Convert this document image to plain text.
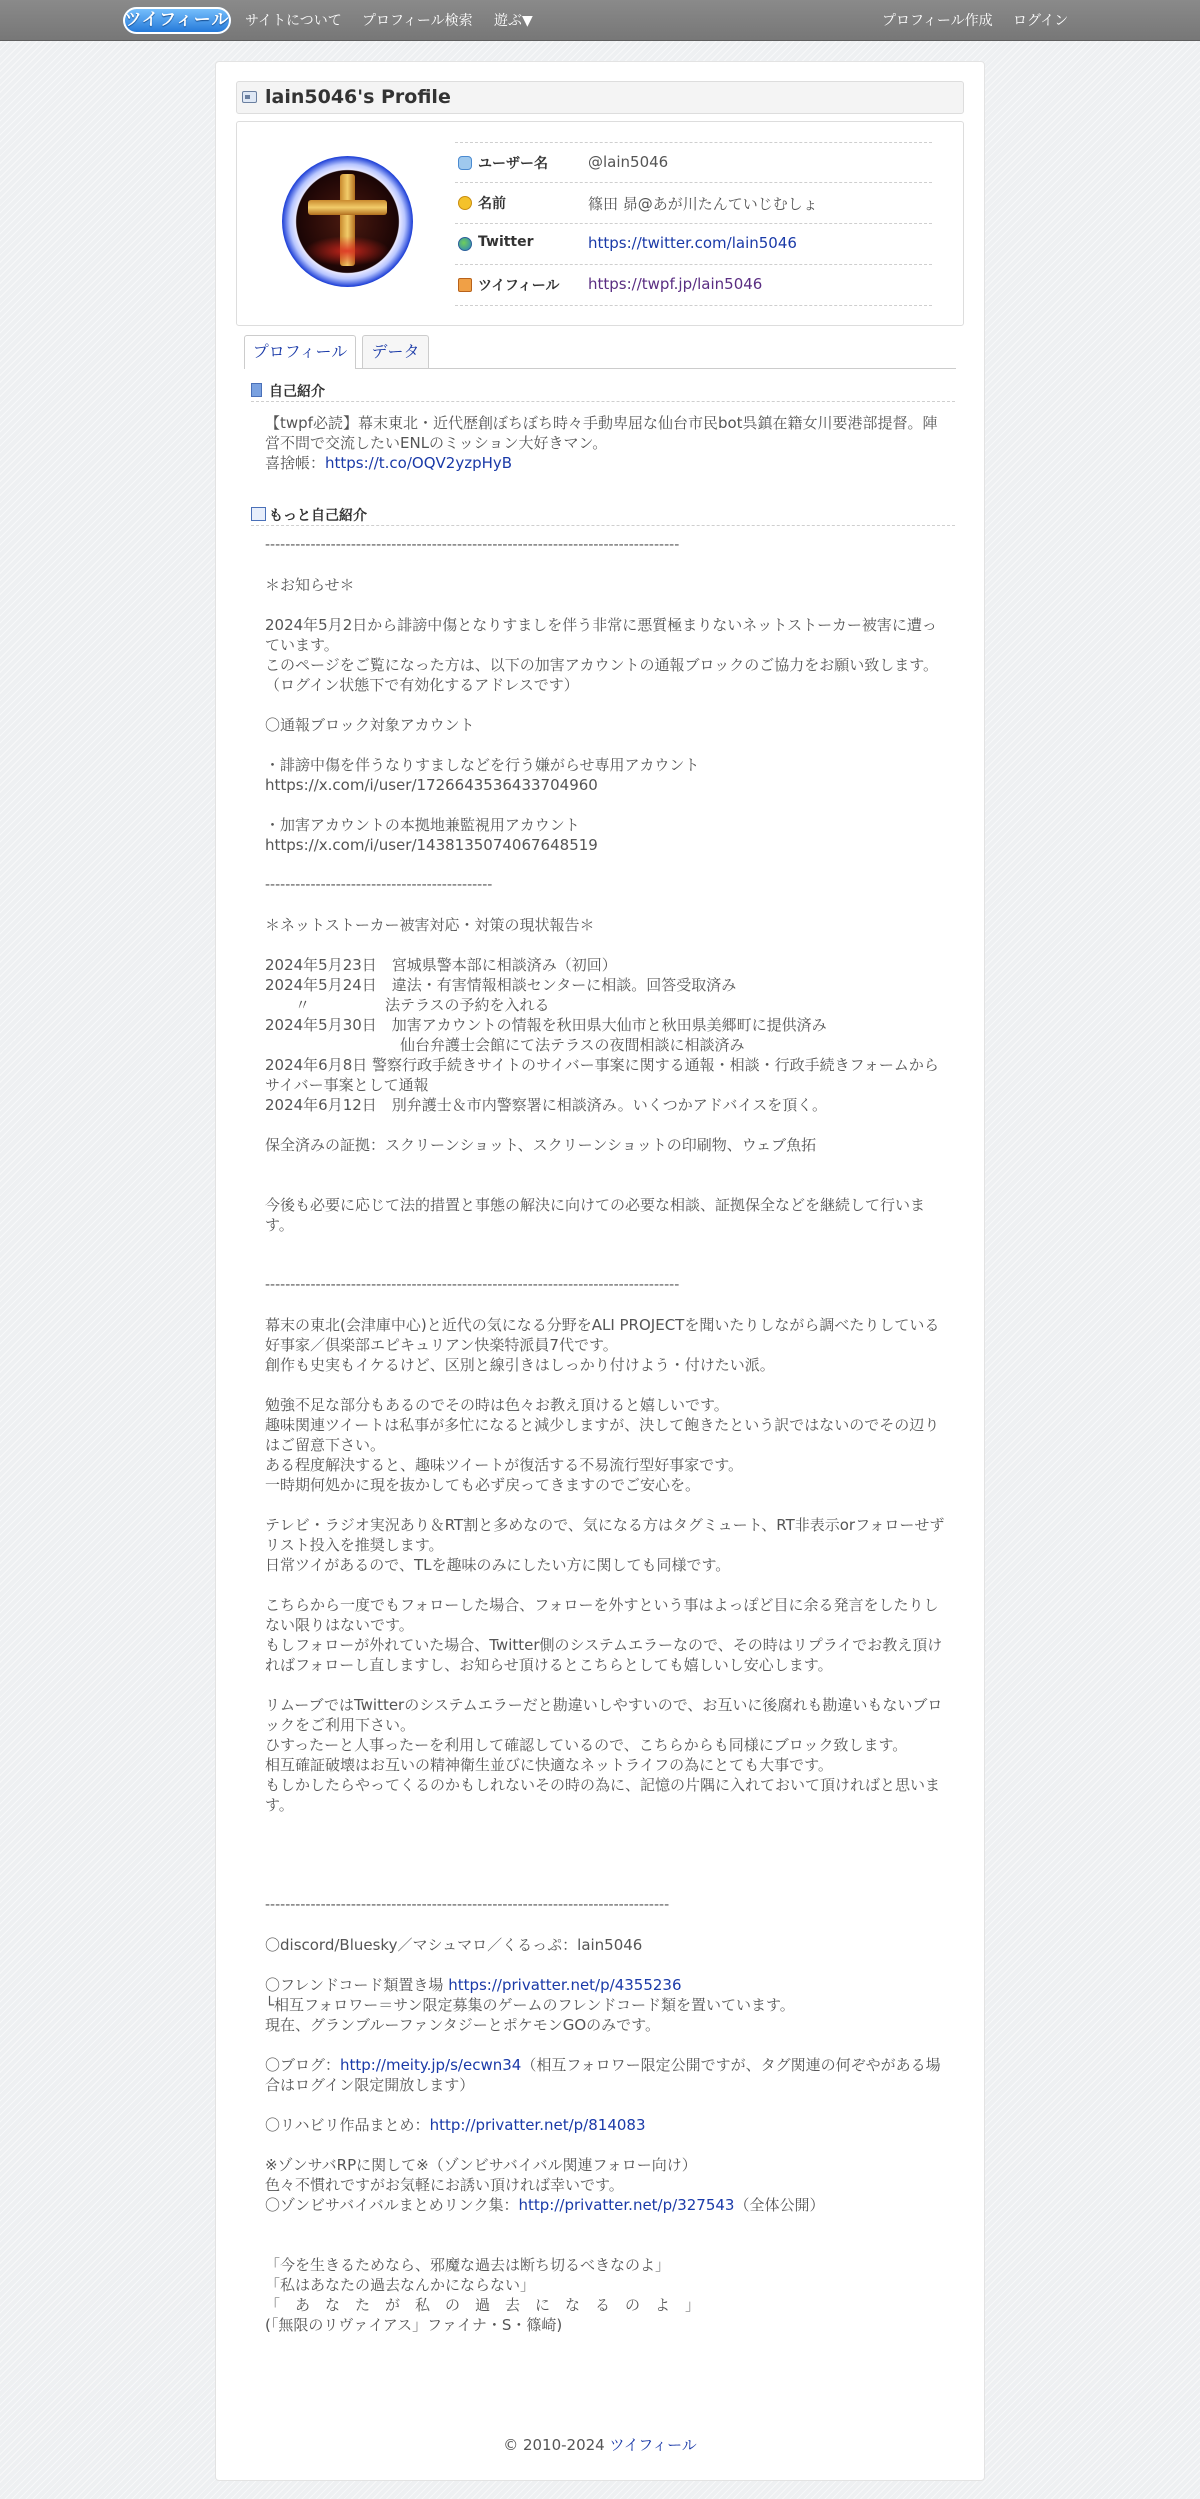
ツイフィール サイトについて プロフィール検索 遊ぶ▼	プロフィール作成 ログイン
lain5046's Profile
ユーザー名	@lain5046
名前	篠田 昴@あが川たんていじむしょ
Twitter	https://twitter.com/lain5046
ツイフィール https://twpf.jp/lain5046
プロフィール	データ
自己紹介
【twpf必読】幕末東北・近代歴創ぼちぼち時々手動卑屈な仙台市民bot呉鎮在籍女川要港部提督。陣営不問で交流したいENLのミッション大好きマン。
喜捨帳：https://t.co/OQV2yzpHyB
もっと自己紹介
----------------------------------------------------------------------------------
＊お知らせ＊
2024年5月2日から誹謗中傷となりすましを伴う非常に悪質極まりないネットストーカー被害に遭っています。
このページをご覧になった方は、以下の加害アカウントの通報ブロックのご協力をお願い致します。（ログイン状態下で有効化するアドレスです）
〇通報ブロック対象アカウント
・誹謗中傷を伴うなりすましなどを行う嫌がらせ専用アカウント
https://x.com/i/user/1726643536433704960
・加害アカウントの本拠地兼監視用アカウント
https://x.com/i/user/1438135074067648519
---------------------------------------------
＊ネットストーカー被害対応・対策の現状報告＊
2024年5月23日　宮城県警本部に相談済み（初回）
2024年5月24日　違法・有害情報相談センターに相談。回答受取済み
　　〃　　　　　法テラスの予約を入れる
2024年5月30日　加害アカウントの情報を秋田県大仙市と秋田県美郷町に提供済み
　　　　　　　　　仙台弁護士会館にて法テラスの夜間相談に相談済み
2024年6月8日 警察行政手続きサイトのサイバー事案に関する通報・相談・行政手続きフォームからサイバー事案として通報
2024年6月12日　別弁護士＆市内警察署に相談済み。いくつかアドバイスを頂く。
保全済みの証拠：スクリーンショット、スクリーンショットの印刷物、ウェブ魚拓
今後も必要に応じて法的措置と事態の解決に向けての必要な相談、証拠保全などを継続して行います。
----------------------------------------------------------------------------------
幕末の東北(会津庫中心)と近代の気になる分野をALI PROJECTを聞いたりしながら調べたりしている好事家／倶楽部エピキュリアン快楽特派員7代です。
創作も史実もイケるけど、区別と線引きはしっかり付けよう・付けたい派。

勉強不足な部分もあるのでその時は色々お教え頂けると嬉しいです。
趣味関連ツイートは私事が多忙になると減少しますが、決して飽きたという訳ではないのでその辺りはご留意下さい。
ある程度解決すると、趣味ツイートが復活する不易流行型好事家です。
一時期何処かに現を抜かしても必ず戻ってきますのでご安心を。

テレビ・ラジオ実況あり＆RT割と多めなので、気になる方はタグミュート、RT非表示orフォローせずリスト投入を推奨します。
日常ツイがあるので、TLを趣味のみにしたい方に関しても同様です。

こちらから一度でもフォローした場合、フォローを外すという事はよっぽど目に余る発言をしたりしない限りはないです。
もしフォローが外れていた場合、Twitter側のシステムエラーなので、その時はリプライでお教え頂ければフォローし直しますし、お知らせ頂けるとこちらとしても嬉しいし安心します。

リムーブではTwitterのシステムエラーだと勘違いしやすいので、お互いに後腐れも勘違いもないブロックをご利用下さい。
ひすったーと人事ったーを利用して確認しているので、こちらからも同様にブロック致します。
相互確証破壊はお互いの精神衛生並びに快適なネットライフの為にとても大事です。
もしかしたらやってくるのかもしれないその時の為に、記憶の片隅に入れておいて頂ければと思います。
--------------------------------------------------------------------------------
〇discord/Bluesky／マシュマロ／くるっぷ：lain5046
〇フレンドコード類置き場 https://privatter.net/p/4355236
└相互フォロワー＝サン限定募集のゲームのフレンドコード類を置いています。
現在、グランブルーファンタジーとポケモンGOのみです。
〇ブログ：http://meity.jp/s/ecwn34（相互フォロワー限定公開ですが、タグ関連の何ぞやがある場合はログイン限定開放します）
〇リハビリ作品まとめ：http://privatter.net/p/814083
※ゾンサバRPに関して※（ゾンビサバイバル関連フォロー向け）
色々不慣れですがお気軽にお誘い頂ければ幸いです。
〇ゾンビサバイバルまとめリンク集：http://privatter.net/p/327543（全体公開）
「今を生きるためなら、邪魔な過去は断ち切るべきなのよ」
「私はあなたの過去なんかにならない」
「　あ　な　た　が　私　の　過　去　に　な　る　の　よ　」
(「無限のリヴァイアス」ファイナ・S・篠崎)
© 2010-2024 ツイフィール
